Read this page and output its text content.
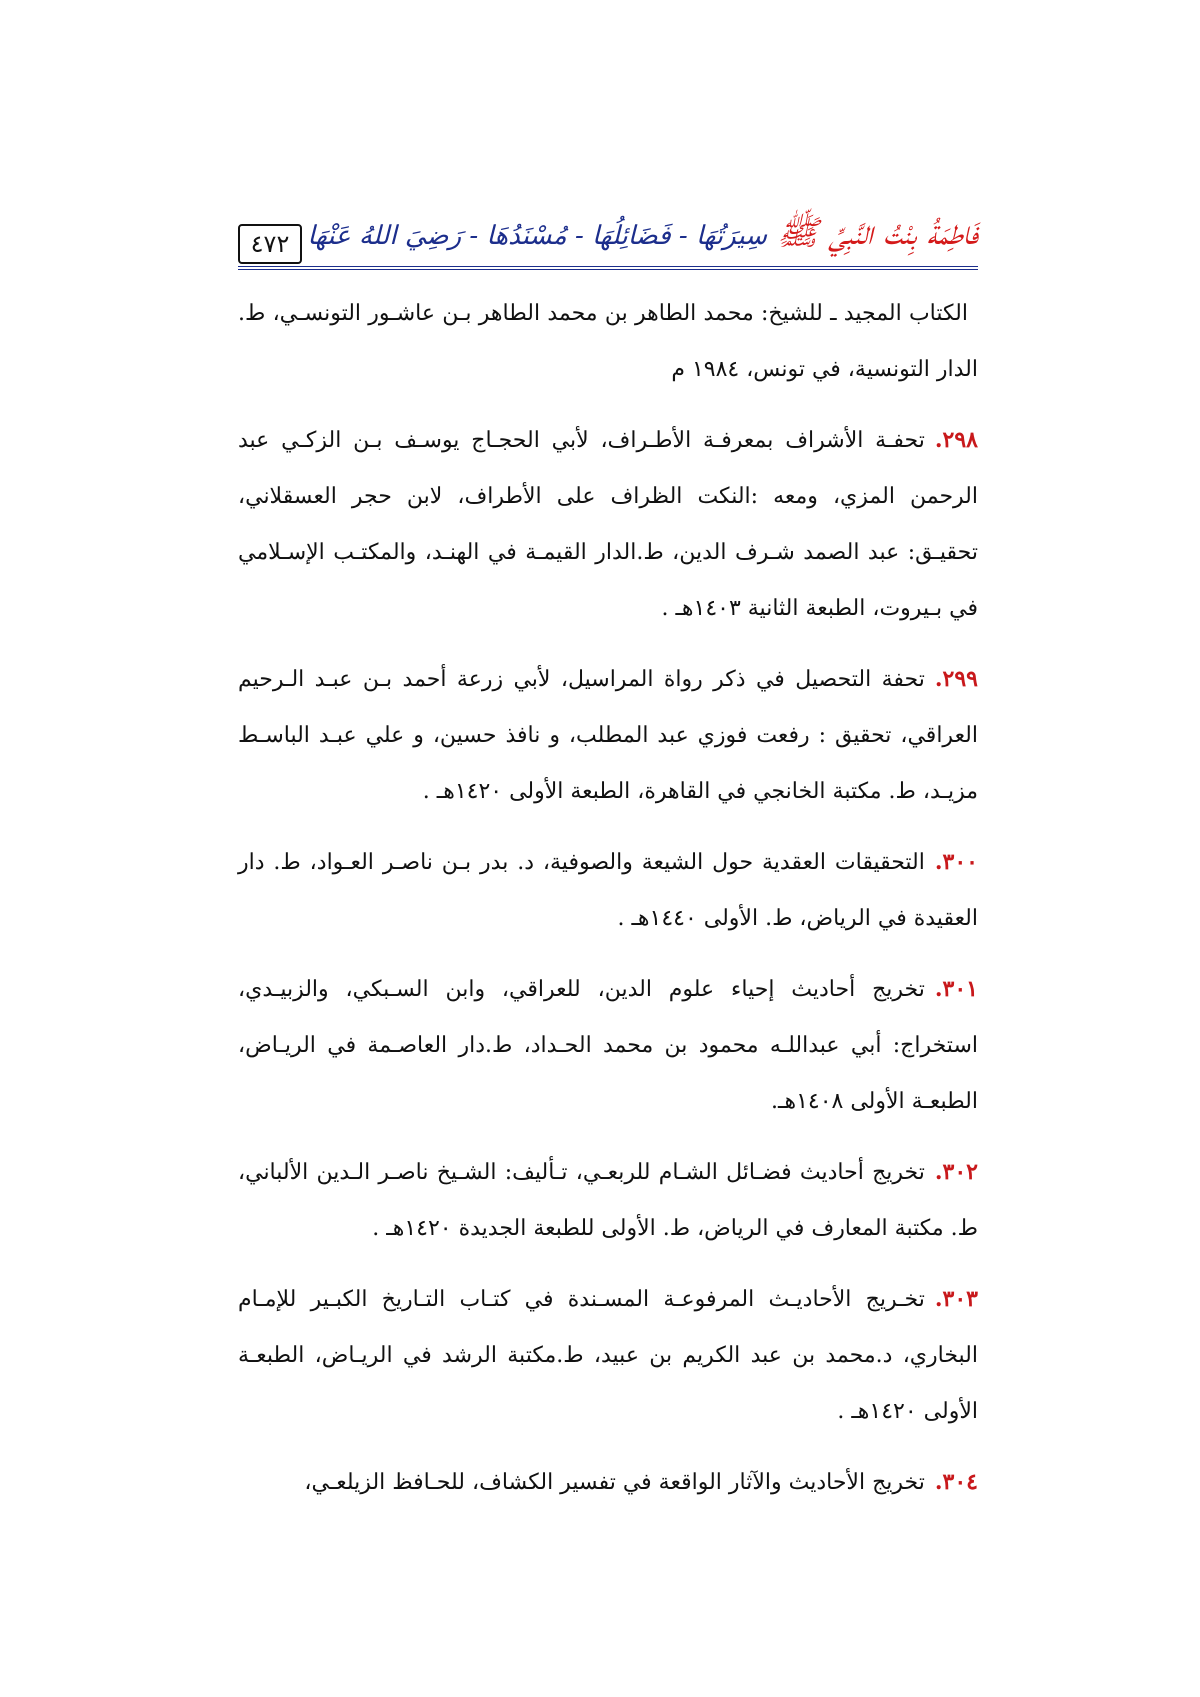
٤٧٢	فَاطِمَةُ بِنْتُ النَّبِيِّ ﷺسِيرَتُهَا - فَضَائِلُهَا - مُسْنَدُهَا - رَضِيَ اللهُ عَنْهَا

الكتاب المجيد ـ للشيخ: محمد الطاهر بن محمد الطاهر بـن عاشـور التونسـي، ط. الدار التونسية، في تونس، ١٩٨٤ م

٢٩٨.تحفـة الأشراف بمعرفـة الأطـراف، لأبي الحجـاج يوسـف بـن الزكـي عبد الرحمن المزي، ومعه :النكت الظراف على الأطراف، لابن حجر العسقلاني، تحقيـق: عبد الصمد شـرف الدين، ط.الدار القيمـة في الهنـد، والمكتـب الإسـلامي في بـيروت، الطبعة الثانية ١٤٠٣هـ .

٢٩٩.تحفة التحصيل في ذكر رواة المراسيل، لأبي زرعة أحمد بـن عبـد الـرحيم العراقي، تحقيق : رفعت فوزي عبد المطلب، و نافذ حسين، و علي عبـد الباسـط مزيـد، ط. مكتبة الخانجي في القاهرة، الطبعة الأولى ١٤٢٠هـ .

٣٠٠.التحقيقات العقدية حول الشيعة والصوفية، د. بدر بـن ناصـر العـواد، ط. دار العقيدة في الرياض، ط. الأولى ١٤٤٠هـ .

٣٠١.تخريج أحاديث إحياء علوم الدين، للعراقي، وابن السـبكي، والزبيـدي، استخراج: أبي عبداللـه محمود بن محمد الحـداد، ط.دار العاصـمة في الريـاض، الطبعـة الأولى ١٤٠٨هـ.

٣٠٢.تخريج أحاديث فضـائل الشـام للربعـي، تـأليف: الشـيخ ناصـر الـدين الألباني، ط. مكتبة المعارف في الرياض، ط. الأولى للطبعة الجديدة ١٤٢٠هـ .

٣٠٣.تخـريج الأحاديـث المرفوعـة المسـندة في كتـاب التـاريخ الكبـير للإمـام البخاري، د.محمد بن عبد الكريم بن عبيد، ط.مكتبة الرشد في الريـاض، الطبعـة الأولى ١٤٢٠هـ .

٣٠٤.تخريج الأحاديث والآثار الواقعة في تفسير الكشاف، للحـافظ الزيلعـي،
